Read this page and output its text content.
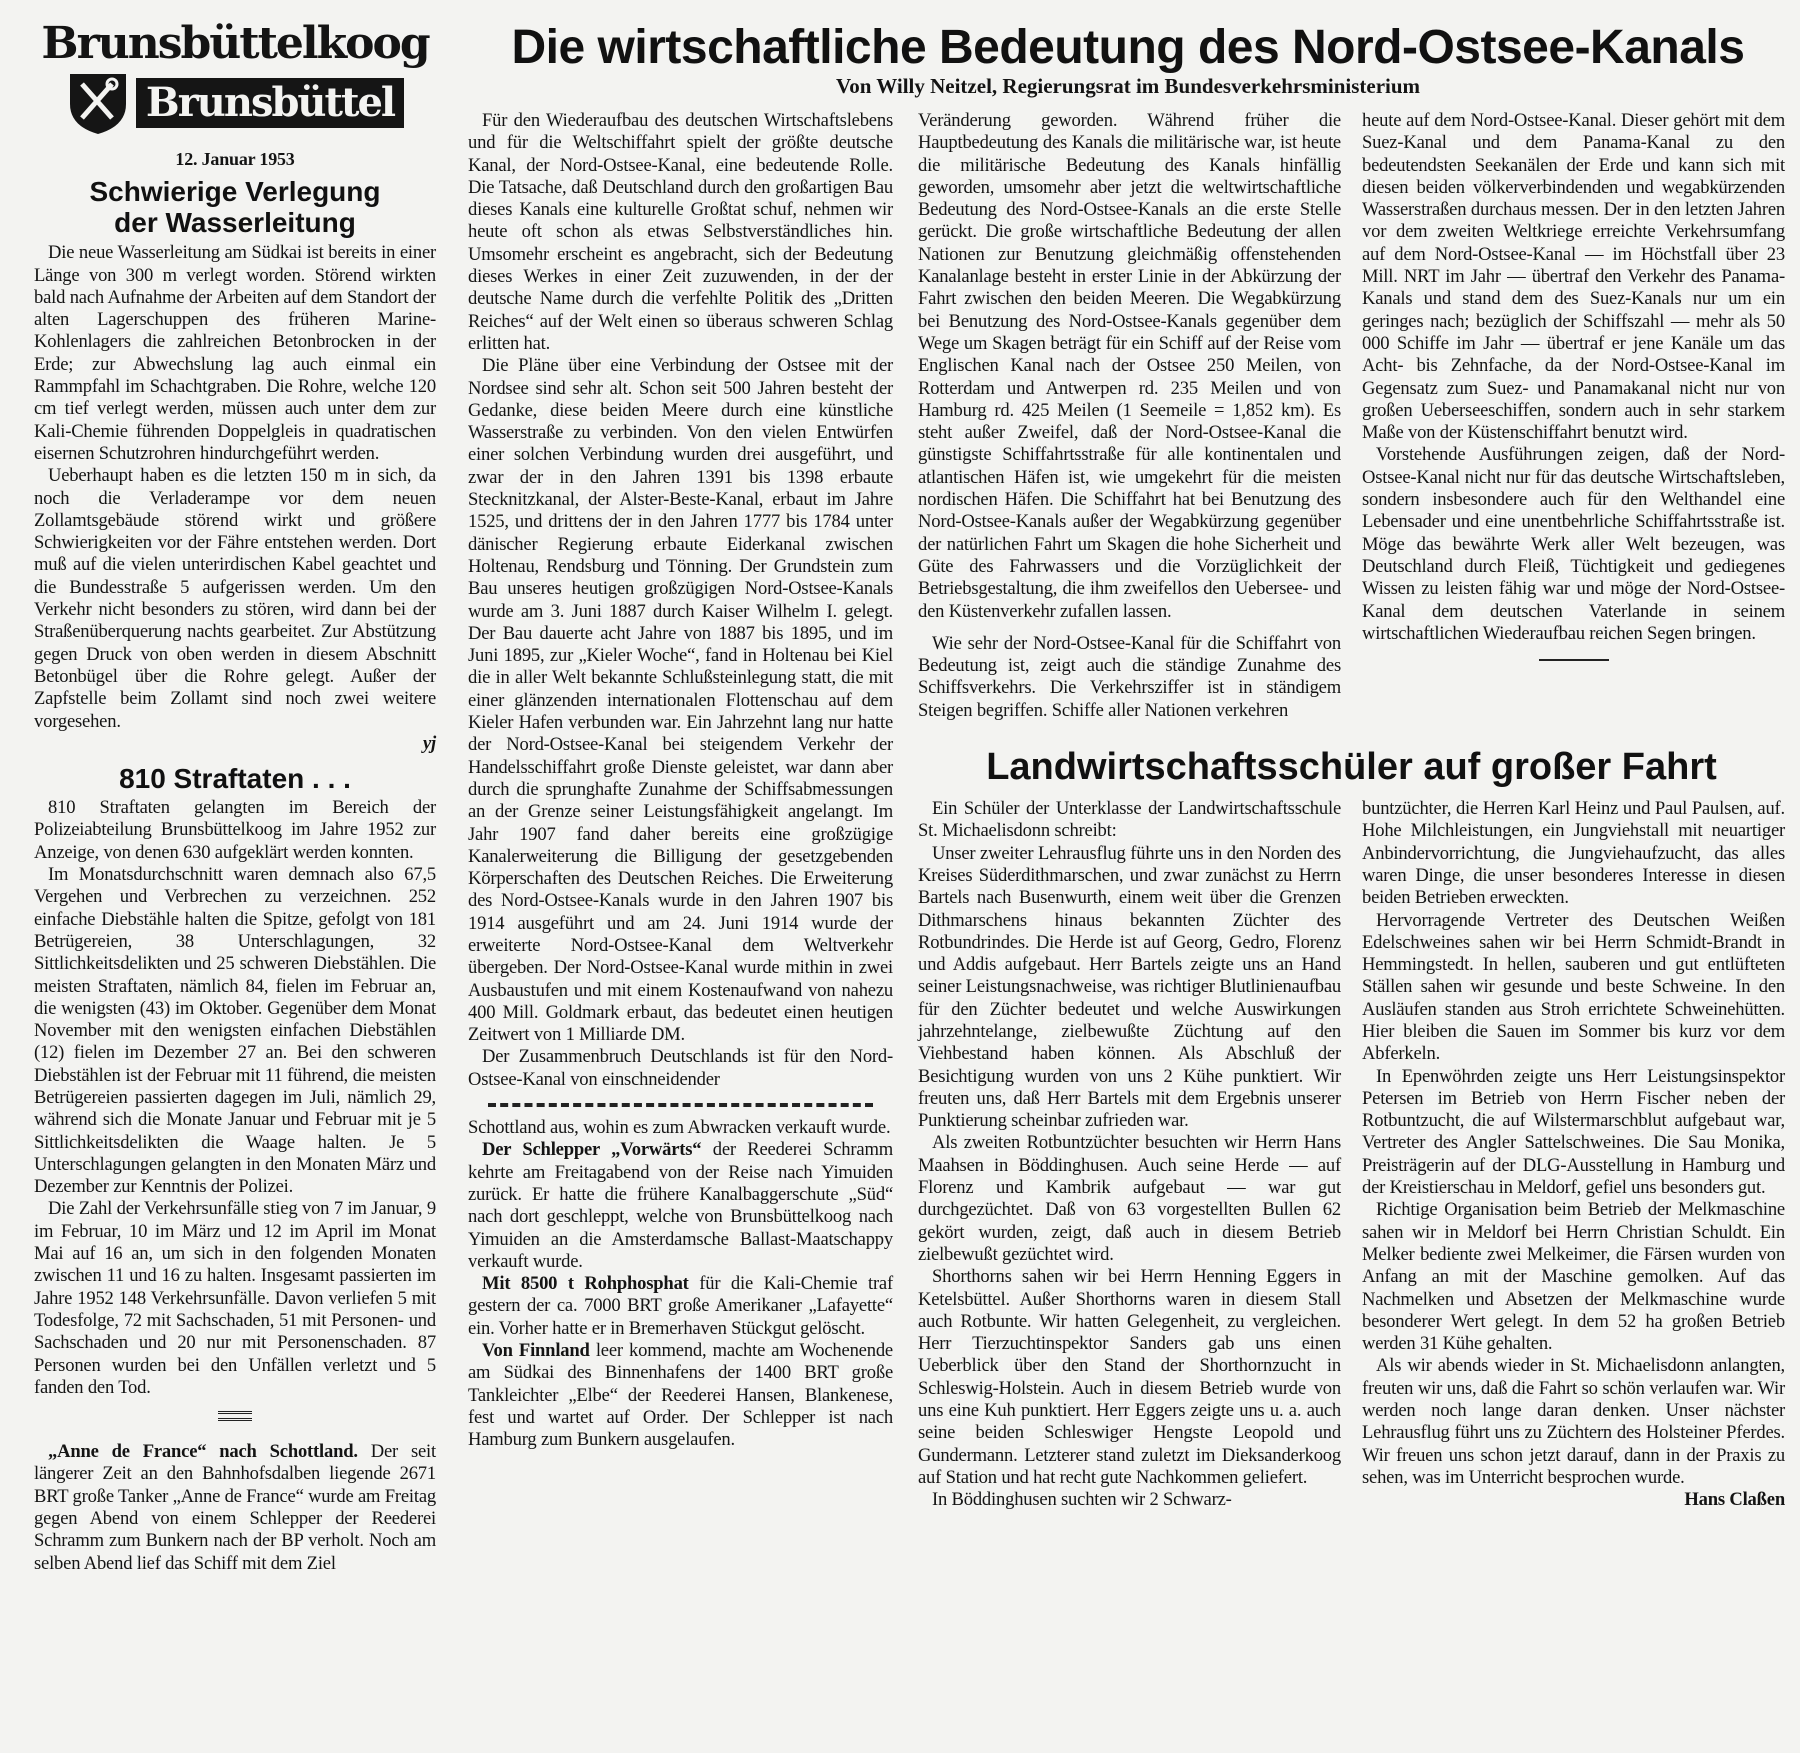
Brunsbüttelkoog
Brunsbüttel
12. Januar 1953
Schwierige Verlegung der Wasserleitung

Die neue Wasserleitung am Südkai ist bereits in einer Länge von 300 m verlegt worden. Störend wirkten bald nach Aufnahme der Arbeiten auf dem Standort der alten Lagerschuppen des früheren Marine-Kohlenlagers die zahlreichen Betonbrocken in der Erde; zur Abwechslung lag auch einmal ein Rammpfahl im Schachtgraben. Die Rohre, welche 120 cm tief verlegt werden, müssen auch unter dem zur Kali-Chemie führenden Doppelgleis in quadratischen eisernen Schutzrohren hindurchgeführt werden.

Ueberhaupt haben es die letzten 150 m in sich, da noch die Verladerampe vor dem neuen Zollamtsgebäude störend wirkt und größere Schwierigkeiten vor der Fähre entstehen werden. Dort muß auf die vielen unterirdischen Kabel geachtet und die Bundesstraße 5 aufgerissen werden. Um den Verkehr nicht besonders zu stören, wird dann bei der Straßenüberquerung nachts gearbeitet. Zur Abstützung gegen Druck von oben werden in diesem Abschnitt Betonbügel über die Rohre gelegt. Außer der Zapfstelle beim Zollamt sind noch zwei weitere vorgesehen.

yj
810 Straftaten . . .

810 Straftaten gelangten im Bereich der Polizeiabteilung Brunsbüttelkoog im Jahre 1952 zur Anzeige, von denen 630 aufgeklärt werden konnten.

Im Monatsdurchschnitt waren demnach also 67,5 Vergehen und Verbrechen zu verzeichnen. 252 einfache Diebstähle halten die Spitze, gefolgt von 181 Betrügereien, 38 Unterschlagungen, 32 Sittlichkeitsdelikten und 25 schweren Diebstählen. Die meisten Straftaten, nämlich 84, fielen im Februar an, die wenigsten (43) im Oktober. Gegenüber dem Monat November mit den wenigsten einfachen Diebstählen (12) fielen im Dezember 27 an. Bei den schweren Diebstählen ist der Februar mit 11 führend, die meisten Betrügereien passierten dagegen im Juli, nämlich 29, während sich die Monate Januar und Februar mit je 5 Sittlichkeitsdelikten die Waage halten. Je 5 Unterschlagungen gelangten in den Monaten März und Dezember zur Kenntnis der Polizei.

Die Zahl der Verkehrsunfälle stieg von 7 im Januar, 9 im Februar, 10 im März und 12 im April im Monat Mai auf 16 an, um sich in den folgenden Monaten zwischen 11 und 16 zu halten. Insgesamt passierten im Jahre 1952 148 Verkehrsunfälle. Davon verliefen 5 mit Todesfolge, 72 mit Sachschaden, 51 mit Personen- und Sachschaden und 20 nur mit Personenschaden. 87 Personen wurden bei den Unfällen verletzt und 5 fanden den Tod.

„Anne de France“ nach Schottland. Der seit längerer Zeit an den Bahnhofsdalben liegende 2671 BRT große Tanker „Anne de France“ wurde am Freitag gegen Abend von einem Schlepper der Reederei Schramm zum Bunkern nach der BP verholt. Noch am selben Abend lief das Schiff mit dem Ziel

Die wirtschaftliche Bedeutung des Nord-Ostsee-Kanals
Von Willy Neitzel, Regierungsrat im Bundesverkehrsministerium

Für den Wiederaufbau des deutschen Wirtschaftslebens und für die Weltschiffahrt spielt der größte deutsche Kanal, der Nord-Ostsee-Kanal, eine bedeutende Rolle. Die Tatsache, daß Deutschland durch den großartigen Bau dieses Kanals eine kulturelle Großtat schuf, nehmen wir heute oft schon als etwas Selbstverständliches hin. Umsomehr erscheint es angebracht, sich der Bedeutung dieses Werkes in einer Zeit zuzuwenden, in der der deutsche Name durch die verfehlte Politik des „Dritten Reiches“ auf der Welt einen so überaus schweren Schlag erlitten hat.

Die Pläne über eine Verbindung der Ostsee mit der Nordsee sind sehr alt. Schon seit 500 Jahren besteht der Gedanke, diese beiden Meere durch eine künstliche Wasserstraße zu verbinden. Von den vielen Entwürfen einer solchen Verbindung wurden drei ausgeführt, und zwar der in den Jahren 1391 bis 1398 erbaute Stecknitzkanal, der Alster-Beste-Kanal, erbaut im Jahre 1525, und drittens der in den Jahren 1777 bis 1784 unter dänischer Regierung erbaute Eiderkanal zwischen Holtenau, Rendsburg und Tönning. Der Grundstein zum Bau unseres heutigen großzügigen Nord-Ostsee-Kanals wurde am 3. Juni 1887 durch Kaiser Wilhelm I. gelegt. Der Bau dauerte acht Jahre von 1887 bis 1895, und im Juni 1895, zur „Kieler Woche“, fand in Holtenau bei Kiel die in aller Welt bekannte Schlußsteinlegung statt, die mit einer glänzenden internationalen Flottenschau auf dem Kieler Hafen verbunden war. Ein Jahrzehnt lang nur hatte der Nord-Ostsee-Kanal bei steigendem Verkehr der Handelsschiffahrt große Dienste geleistet, war dann aber durch die sprunghafte Zunahme der Schiffsabmessungen an der Grenze seiner Leistungsfähigkeit angelangt. Im Jahr 1907 fand daher bereits eine großzügige Kanalerweiterung die Billigung der gesetzgebenden Körperschaften des Deutschen Reiches. Die Erweiterung des Nord-Ostsee-Kanals wurde in den Jahren 1907 bis 1914 ausgeführt und am 24. Juni 1914 wurde der erweiterte Nord-Ostsee-Kanal dem Weltverkehr übergeben. Der Nord-Ostsee-Kanal wurde mithin in zwei Ausbaustufen und mit einem Kostenaufwand von nahezu 400 Mill. Goldmark erbaut, das bedeutet einen heutigen Zeitwert von 1 Milliarde DM.

Der Zusammenbruch Deutschlands ist für den Nord-Ostsee-Kanal von einschneidender

Schottland aus, wohin es zum Abwracken verkauft wurde.

Der Schlepper „Vorwärts“ der Reederei Schramm kehrte am Freitagabend von der Reise nach Yimuiden zurück. Er hatte die frühere Kanalbaggerschute „Süd“ nach dort geschleppt, welche von Brunsbüttelkoog nach Yimuiden an die Amsterdamsche Ballast-Maatschappy verkauft wurde.

Mit 8500 t Rohphosphat für die Kali-Chemie traf gestern der ca. 7000 BRT große Amerikaner „Lafayette“ ein. Vorher hatte er in Bremerhaven Stückgut gelöscht.

Von Finnland leer kommend, machte am Wochenende am Südkai des Binnenhafens der 1400 BRT große Tankleichter „Elbe“ der Reederei Hansen, Blankenese, fest und wartet auf Order. Der Schlepper ist nach Hamburg zum Bunkern ausgelaufen.

Veränderung geworden. Während früher die Hauptbedeutung des Kanals die militärische war, ist heute die militärische Bedeutung des Kanals hinfällig geworden, umsomehr aber jetzt die weltwirtschaftliche Bedeutung des Nord-Ostsee-Kanals an die erste Stelle gerückt. Die große wirtschaftliche Bedeutung der allen Nationen zur Benutzung gleichmäßig offenstehenden Kanalanlage besteht in erster Linie in der Abkürzung der Fahrt zwischen den beiden Meeren. Die Wegabkürzung bei Benutzung des Nord-Ostsee-Kanals gegenüber dem Wege um Skagen beträgt für ein Schiff auf der Reise vom Englischen Kanal nach der Ostsee 250 Meilen, von Rotterdam und Antwerpen rd. 235 Meilen und von Hamburg rd. 425 Meilen (1 Seemeile = 1,852 km). Es steht außer Zweifel, daß der Nord-Ostsee-Kanal die günstigste Schiffahrtsstraße für alle kontinentalen und atlantischen Häfen ist, wie umgekehrt für die meisten nordischen Häfen. Die Schiffahrt hat bei Benutzung des Nord-Ostsee-Kanals außer der Wegabkürzung gegenüber der natürlichen Fahrt um Skagen die hohe Sicherheit und Güte des Fahrwassers und die Vorzüglichkeit der Betriebsgestaltung, die ihm zweifellos den Uebersee- und den Küstenverkehr zufallen lassen.

Wie sehr der Nord-Ostsee-Kanal für die Schiffahrt von Bedeutung ist, zeigt auch die ständige Zunahme des Schiffsverkehrs. Die Verkehrsziffer ist in ständigem Steigen begriffen. Schiffe aller Nationen verkehren

heute auf dem Nord-Ostsee-Kanal. Dieser gehört mit dem Suez-Kanal und dem Panama-Kanal zu den bedeutendsten Seekanälen der Erde und kann sich mit diesen beiden völkerverbindenden und wegabkürzenden Wasserstraßen durchaus messen. Der in den letzten Jahren vor dem zweiten Weltkriege erreichte Verkehrsumfang auf dem Nord-Ostsee-Kanal — im Höchstfall über 23 Mill. NRT im Jahr — übertraf den Verkehr des Panama-Kanals und stand dem des Suez-Kanals nur um ein geringes nach; bezüglich der Schiffszahl — mehr als 50 000 Schiffe im Jahr — übertraf er jene Kanäle um das Acht- bis Zehnfache, da der Nord-Ostsee-Kanal im Gegensatz zum Suez- und Panamakanal nicht nur von großen Ueberseeschiffen, sondern auch in sehr starkem Maße von der Küstenschiffahrt benutzt wird.

Vorstehende Ausführungen zeigen, daß der Nord-Ostsee-Kanal nicht nur für das deutsche Wirtschaftsleben, sondern insbesondere auch für den Welthandel eine Lebensader und eine unentbehrliche Schiffahrtsstraße ist. Möge das bewährte Werk aller Welt bezeugen, was Deutschland durch Fleiß, Tüchtigkeit und gediegenes Wissen zu leisten fähig war und möge der Nord-Ostsee-Kanal dem deutschen Vaterlande in seinem wirtschaftlichen Wiederaufbau reichen Segen bringen.

Landwirtschaftsschüler auf großer Fahrt

Ein Schüler der Unterklasse der Landwirtschaftsschule St. Michaelisdonn schreibt:

Unser zweiter Lehrausflug führte uns in den Norden des Kreises Süderdithmarschen, und zwar zunächst zu Herrn Bartels nach Busenwurth, einem weit über die Grenzen Dithmarschens hinaus bekannten Züchter des Rotbundrindes. Die Herde ist auf Georg, Gedro, Florenz und Addis aufgebaut. Herr Bartels zeigte uns an Hand seiner Leistungsnachweise, was richtiger Blutlinienaufbau für den Züchter bedeutet und welche Auswirkungen jahrzehntelange, zielbewußte Züchtung auf den Viehbestand haben können. Als Abschluß der Besichtigung wurden von uns 2 Kühe punktiert. Wir freuten uns, daß Herr Bartels mit dem Ergebnis unserer Punktierung scheinbar zufrieden war.

Als zweiten Rotbuntzüchter besuchten wir Herrn Hans Maahsen in Böddinghusen. Auch seine Herde — auf Florenz und Kambrik aufgebaut — war gut durchgezüchtet. Daß von 63 vorgestellten Bullen 62 gekört wurden, zeigt, daß auch in diesem Betrieb zielbewußt gezüchtet wird.

Shorthorns sahen wir bei Herrn Henning Eggers in Ketelsbüttel. Außer Shorthorns waren in diesem Stall auch Rotbunte. Wir hatten Gelegenheit, zu vergleichen. Herr Tierzuchtinspektor Sanders gab uns einen Ueberblick über den Stand der Shorthornzucht in Schleswig-Holstein. Auch in diesem Betrieb wurde von uns eine Kuh punktiert. Herr Eggers zeigte uns u. a. auch seine beiden Schleswiger Hengste Leopold und Gundermann. Letzterer stand zuletzt im Dieksanderkoog auf Station und hat recht gute Nachkommen geliefert.

In Böddinghusen suchten wir 2 Schwarz-

buntzüchter, die Herren Karl Heinz und Paul Paulsen, auf. Hohe Milchleistungen, ein Jungviehstall mit neuartiger Anbindervorrichtung, die Jungviehaufzucht, das alles waren Dinge, die unser besonderes Interesse in diesen beiden Betrieben erweckten.

Hervorragende Vertreter des Deutschen Weißen Edelschweines sahen wir bei Herrn Schmidt-Brandt in Hemmingstedt. In hellen, sauberen und gut entlüfteten Ställen sahen wir gesunde und beste Schweine. In den Ausläufen standen aus Stroh errichtete Schweinehütten. Hier bleiben die Sauen im Sommer bis kurz vor dem Abferkeln.

In Epenwöhrden zeigte uns Herr Leistungsinspektor Petersen im Betrieb von Herrn Fischer neben der Rotbuntzucht, die auf Wilstermarschblut aufgebaut war, Vertreter des Angler Sattelschweines. Die Sau Monika, Preisträgerin auf der DLG-Ausstellung in Hamburg und der Kreistierschau in Meldorf, gefiel uns besonders gut.

Richtige Organisation beim Betrieb der Melkmaschine sahen wir in Meldorf bei Herrn Christian Schuldt. Ein Melker bediente zwei Melkeimer, die Färsen wurden von Anfang an mit der Maschine gemolken. Auf das Nachmelken und Absetzen der Melkmaschine wurde besonderer Wert gelegt. In dem 52 ha großen Betrieb werden 31 Kühe gehalten.

Als wir abends wieder in St. Michaelisdonn anlangten, freuten wir uns, daß die Fahrt so schön verlaufen war. Wir werden noch lange daran denken. Unser nächster Lehrausflug führt uns zu Züchtern des Holsteiner Pferdes. Wir freuen uns schon jetzt darauf, dann in der Praxis zu sehen, was im Unterricht besprochen wurde.

Hans Claßen
